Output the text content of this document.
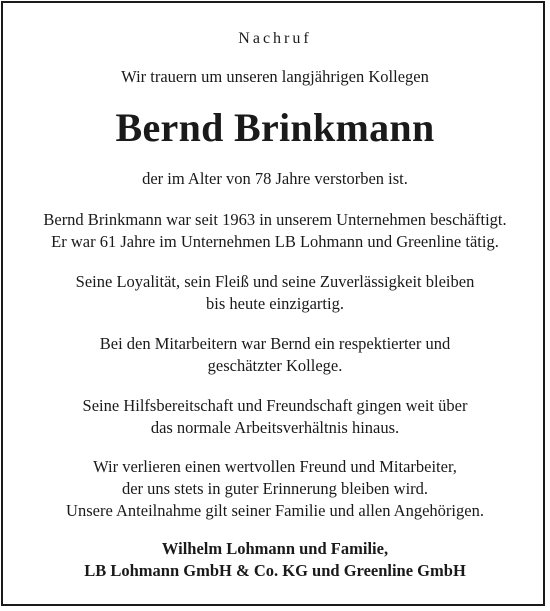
Nachruf

Wir trauern um unseren langjährigen Kollegen

Bernd Brinkmann

der im Alter von 78 Jahre verstorben ist.

Bernd Brinkmann war seit 1963 in unserem Unternehmen beschäftigt.
Er war 61 Jahre im Unternehmen LB Lohmann und Greenline tätig.
Seine Loyalität, sein Fleiß und seine Zuverlässigkeit bleiben
bis heute einzigartig.
Bei den Mitarbeitern war Bernd ein respektierter und
geschätzter Kollege.
Seine Hilfsbereitschaft und Freundschaft gingen weit über
das normale Arbeitsverhältnis hinaus.
Wir verlieren einen wertvollen Freund und Mitarbeiter,
der uns stets in guter Erinnerung bleiben wird.
Unsere Anteilnahme gilt seiner Familie und allen Angehörigen.
Wilhelm Lohmann und Familie,
LB Lohmann GmbH & Co. KG und Greenline GmbH
